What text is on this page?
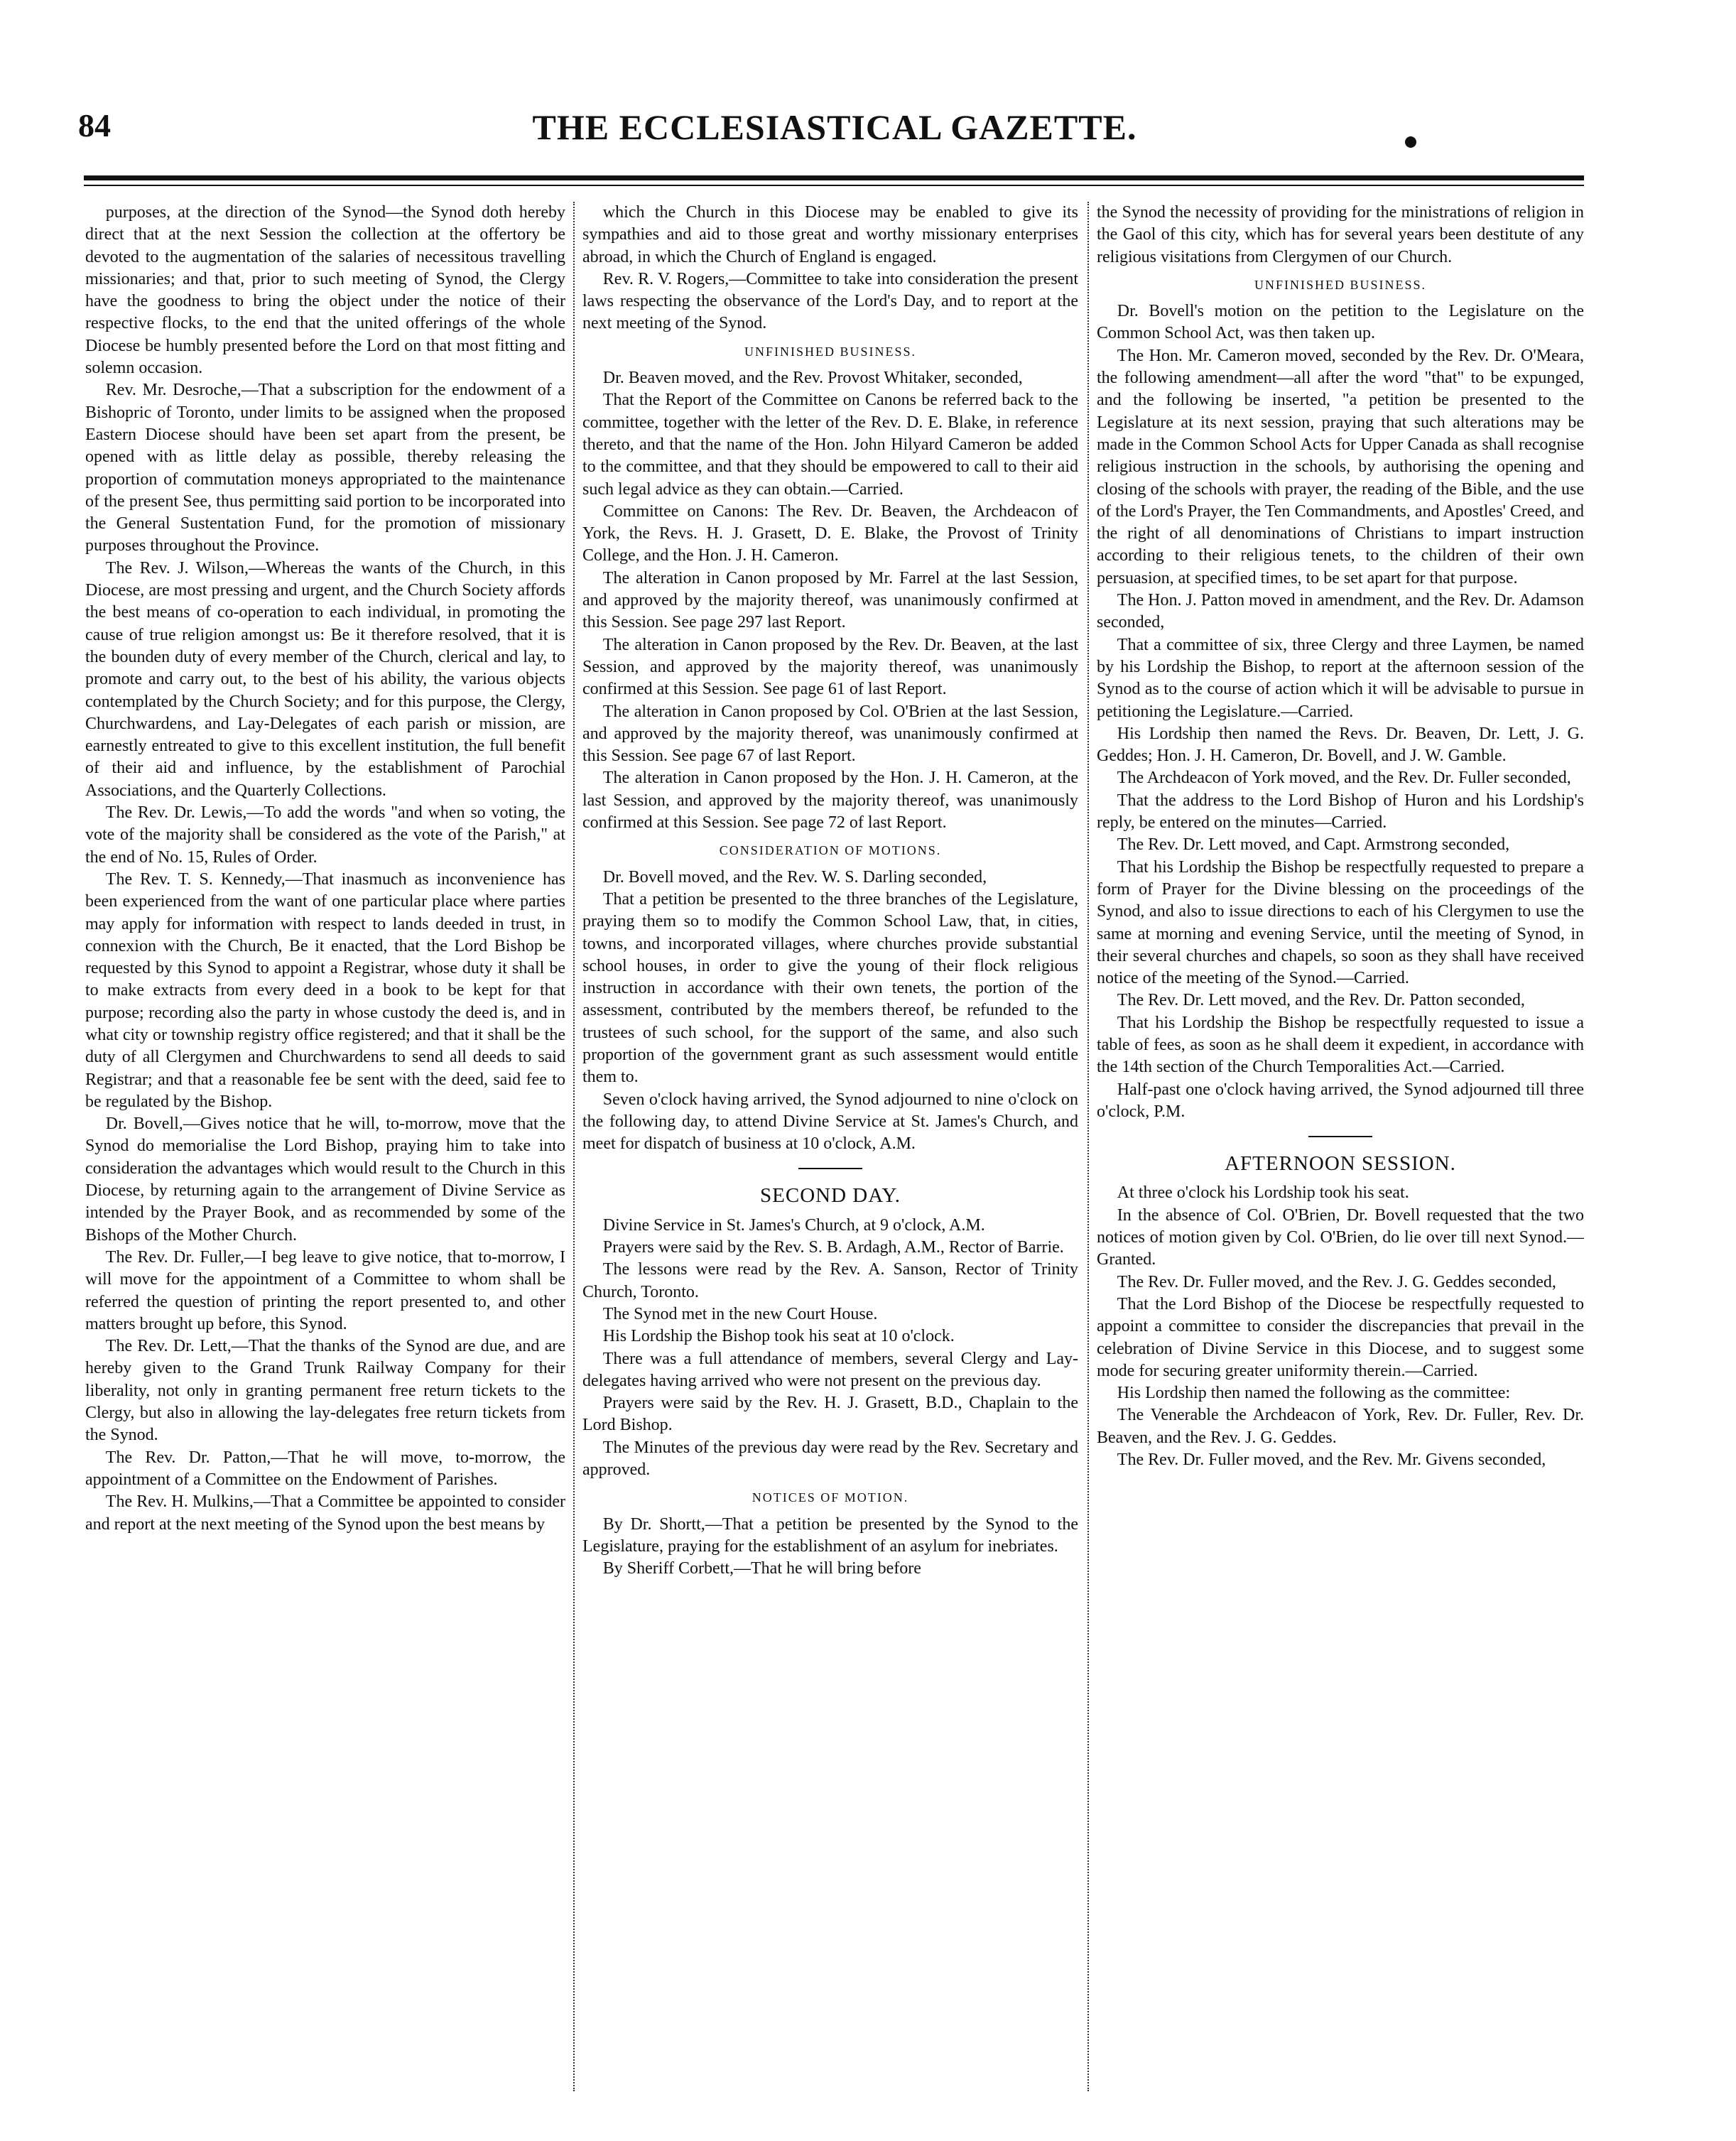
84	THE ECCLESIASTICAL GAZETTE.

purposes, at the direction of the Synod—the Synod doth hereby direct that at the next Session the collection at the offertory be devoted to the augmentation of the salaries of necessitous travelling missionaries; and that, prior to such meeting of Synod, the Clergy have the goodness to bring the object under the notice of their respective flocks, to the end that the united offerings of the whole Diocese be humbly presented before the Lord on that most fitting and solemn occasion.

Rev. Mr. Desroche,—That a subscription for the endowment of a Bishopric of Toronto, under limits to be assigned when the proposed Eastern Diocese should have been set apart from the present, be opened with as little delay as possible, thereby releasing the proportion of commutation moneys appropriated to the maintenance of the present See, thus permitting said portion to be incorporated into the General Sustentation Fund, for the promotion of missionary purposes throughout the Province.

The Rev. J. Wilson,—Whereas the wants of the Church, in this Diocese, are most pressing and urgent, and the Church Society affords the best means of co-operation to each individual, in promoting the cause of true religion amongst us: Be it therefore resolved, that it is the bounden duty of every member of the Church, clerical and lay, to promote and carry out, to the best of his ability, the various objects contemplated by the Church Society; and for this purpose, the Clergy, Churchwardens, and Lay-Delegates of each parish or mission, are earnestly entreated to give to this excellent institution, the full benefit of their aid and influence, by the establishment of Parochial Associations, and the Quarterly Collections.

The Rev. Dr. Lewis,—To add the words "and when so voting, the vote of the majority shall be considered as the vote of the Parish," at the end of No. 15, Rules of Order.

The Rev. T. S. Kennedy,—That inasmuch as inconvenience has been experienced from the want of one particular place where parties may apply for information with respect to lands deeded in trust, in connexion with the Church, Be it enacted, that the Lord Bishop be requested by this Synod to appoint a Registrar, whose duty it shall be to make extracts from every deed in a book to be kept for that purpose; recording also the party in whose custody the deed is, and in what city or township registry office registered; and that it shall be the duty of all Clergymen and Churchwardens to send all deeds to said Registrar; and that a reasonable fee be sent with the deed, said fee to be regulated by the Bishop.

Dr. Bovell,—Gives notice that he will, to-morrow, move that the Synod do memorialise the Lord Bishop, praying him to take into consideration the advantages which would result to the Church in this Diocese, by returning again to the arrangement of Divine Service as intended by the Prayer Book, and as recommended by some of the Bishops of the Mother Church.

The Rev. Dr. Fuller,—I beg leave to give notice, that to-morrow, I will move for the appointment of a Committee to whom shall be referred the question of printing the report presented to, and other matters brought up before, this Synod.

The Rev. Dr. Lett,—That the thanks of the Synod are due, and are hereby given to the Grand Trunk Railway Company for their liberality, not only in granting permanent free return tickets to the Clergy, but also in allowing the lay-delegates free return tickets from the Synod.

The Rev. Dr. Patton,—That he will move, to-morrow, the appointment of a Committee on the Endowment of Parishes.

The Rev. H. Mulkins,—That a Committee be appointed to consider and report at the next meeting of the Synod upon the best means by

which the Church in this Diocese may be enabled to give its sympathies and aid to those great and worthy missionary enterprises abroad, in which the Church of England is engaged.

Rev. R. V. Rogers,—Committee to take into consideration the present laws respecting the observance of the Lord's Day, and to report at the next meeting of the Synod.

UNFINISHED BUSINESS.

Dr. Beaven moved, and the Rev. Provost Whitaker, seconded,

That the Report of the Committee on Canons be referred back to the committee, together with the letter of the Rev. D. E. Blake, in reference thereto, and that the name of the Hon. John Hilyard Cameron be added to the committee, and that they should be empowered to call to their aid such legal advice as they can obtain.—Carried.

Committee on Canons: The Rev. Dr. Beaven, the Archdeacon of York, the Revs. H. J. Grasett, D. E. Blake, the Provost of Trinity College, and the Hon. J. H. Cameron.

The alteration in Canon proposed by Mr. Farrel at the last Session, and approved by the majority thereof, was unanimously confirmed at this Session. See page 297 last Report.

The alteration in Canon proposed by the Rev. Dr. Beaven, at the last Session, and approved by the majority thereof, was unanimously confirmed at this Session. See page 61 of last Report.

The alteration in Canon proposed by Col. O'Brien at the last Session, and approved by the majority thereof, was unanimously confirmed at this Session. See page 67 of last Report.

The alteration in Canon proposed by the Hon. J. H. Cameron, at the last Session, and approved by the majority thereof, was unanimously confirmed at this Session. See page 72 of last Report.

CONSIDERATION OF MOTIONS.

Dr. Bovell moved, and the Rev. W. S. Darling seconded,

That a petition be presented to the three branches of the Legislature, praying them so to modify the Common School Law, that, in cities, towns, and incorporated villages, where churches provide substantial school houses, in order to give the young of their flock religious instruction in accordance with their own tenets, the portion of the assessment, contributed by the members thereof, be refunded to the trustees of such school, for the support of the same, and also such proportion of the government grant as such assessment would entitle them to.

Seven o'clock having arrived, the Synod adjourned to nine o'clock on the following day, to attend Divine Service at St. James's Church, and meet for dispatch of business at 10 o'clock, A.M.

SECOND DAY.

Divine Service in St. James's Church, at 9 o'clock, A.M.

Prayers were said by the Rev. S. B. Ardagh, A.M., Rector of Barrie.

The lessons were read by the Rev. A. Sanson, Rector of Trinity Church, Toronto.

The Synod met in the new Court House.

His Lordship the Bishop took his seat at 10 o'clock.

There was a full attendance of members, several Clergy and Lay-delegates having arrived who were not present on the previous day.

Prayers were said by the Rev. H. J. Grasett, B.D., Chaplain to the Lord Bishop.

The Minutes of the previous day were read by the Rev. Secretary and approved.

NOTICES OF MOTION.

By Dr. Shortt,—That a petition be presented by the Synod to the Legislature, praying for the establishment of an asylum for inebriates.

By Sheriff Corbett,—That he will bring before

the Synod the necessity of providing for the ministrations of religion in the Gaol of this city, which has for several years been destitute of any religious visitations from Clergymen of our Church.

UNFINISHED BUSINESS.

Dr. Bovell's motion on the petition to the Legislature on the Common School Act, was then taken up.

The Hon. Mr. Cameron moved, seconded by the Rev. Dr. O'Meara, the following amendment—all after the word "that" to be expunged, and the following be inserted, "a petition be presented to the Legislature at its next session, praying that such alterations may be made in the Common School Acts for Upper Canada as shall recognise religious instruction in the schools, by authorising the opening and closing of the schools with prayer, the reading of the Bible, and the use of the Lord's Prayer, the Ten Commandments, and Apostles' Creed, and the right of all denominations of Christians to impart instruction according to their religious tenets, to the children of their own persuasion, at specified times, to be set apart for that purpose.

The Hon. J. Patton moved in amendment, and the Rev. Dr. Adamson seconded,

That a committee of six, three Clergy and three Laymen, be named by his Lordship the Bishop, to report at the afternoon session of the Synod as to the course of action which it will be advisable to pursue in petitioning the Legislature.—Carried.

His Lordship then named the Revs. Dr. Beaven, Dr. Lett, J. G. Geddes; Hon. J. H. Cameron, Dr. Bovell, and J. W. Gamble.

The Archdeacon of York moved, and the Rev. Dr. Fuller seconded,

That the address to the Lord Bishop of Huron and his Lordship's reply, be entered on the minutes—Carried.

The Rev. Dr. Lett moved, and Capt. Armstrong seconded,

That his Lordship the Bishop be respectfully requested to prepare a form of Prayer for the Divine blessing on the proceedings of the Synod, and also to issue directions to each of his Clergymen to use the same at morning and evening Service, until the meeting of Synod, in their several churches and chapels, so soon as they shall have received notice of the meeting of the Synod.—Carried.

The Rev. Dr. Lett moved, and the Rev. Dr. Patton seconded,

That his Lordship the Bishop be respectfully requested to issue a table of fees, as soon as he shall deem it expedient, in accordance with the 14th section of the Church Temporalities Act.—Carried.

Half-past one o'clock having arrived, the Synod adjourned till three o'clock, P.M.

AFTERNOON SESSION.

At three o'clock his Lordship took his seat.

In the absence of Col. O'Brien, Dr. Bovell requested that the two notices of motion given by Col. O'Brien, do lie over till next Synod.—Granted.

The Rev. Dr. Fuller moved, and the Rev. J. G. Geddes seconded,

That the Lord Bishop of the Diocese be respectfully requested to appoint a committee to consider the discrepancies that prevail in the celebration of Divine Service in this Diocese, and to suggest some mode for securing greater uniformity therein.—Carried.

His Lordship then named the following as the committee:

The Venerable the Archdeacon of York, Rev. Dr. Fuller, Rev. Dr. Beaven, and the Rev. J. G. Geddes.

The Rev. Dr. Fuller moved, and the Rev. Mr. Givens seconded,
